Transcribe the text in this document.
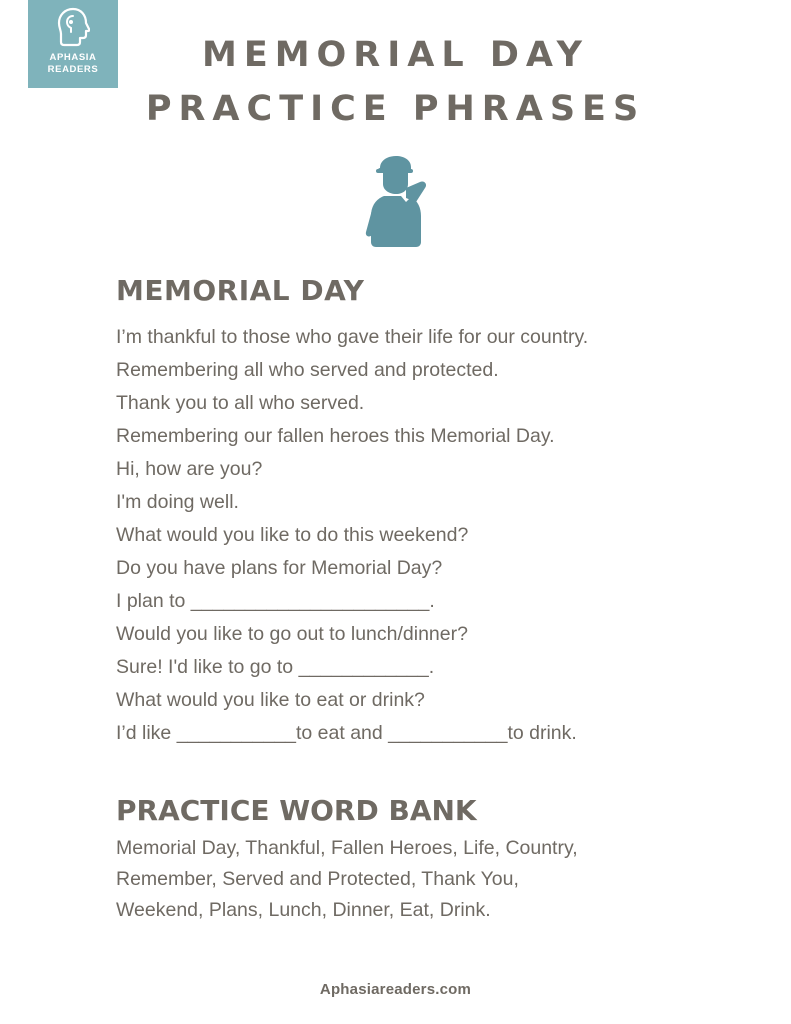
APHASIA
READERS	MEMORIAL DAY
PRACTICE PHRASES
MEMORIAL DAY
I’m thankful to those who gave their life for our country.
Remembering all who served and protected.
Thank you to all who served.
Remembering our fallen heroes this Memorial Day.
Hi, how are you?
I'm doing well.
What would you like to do this weekend?
Do you have plans for Memorial Day?
I plan to ______________________.
Would you like to go out to lunch/dinner?
Sure! I'd like to go to ____________.
What would you like to eat or drink?
I’d like ___________to eat and ___________to drink.
PRACTICE WORD BANK
Memorial Day, Thankful, Fallen Heroes, Life, Country,
Remember, Served and Protected, Thank You,
Weekend, Plans, Lunch, Dinner, Eat, Drink.
Aphasiareaders.com
